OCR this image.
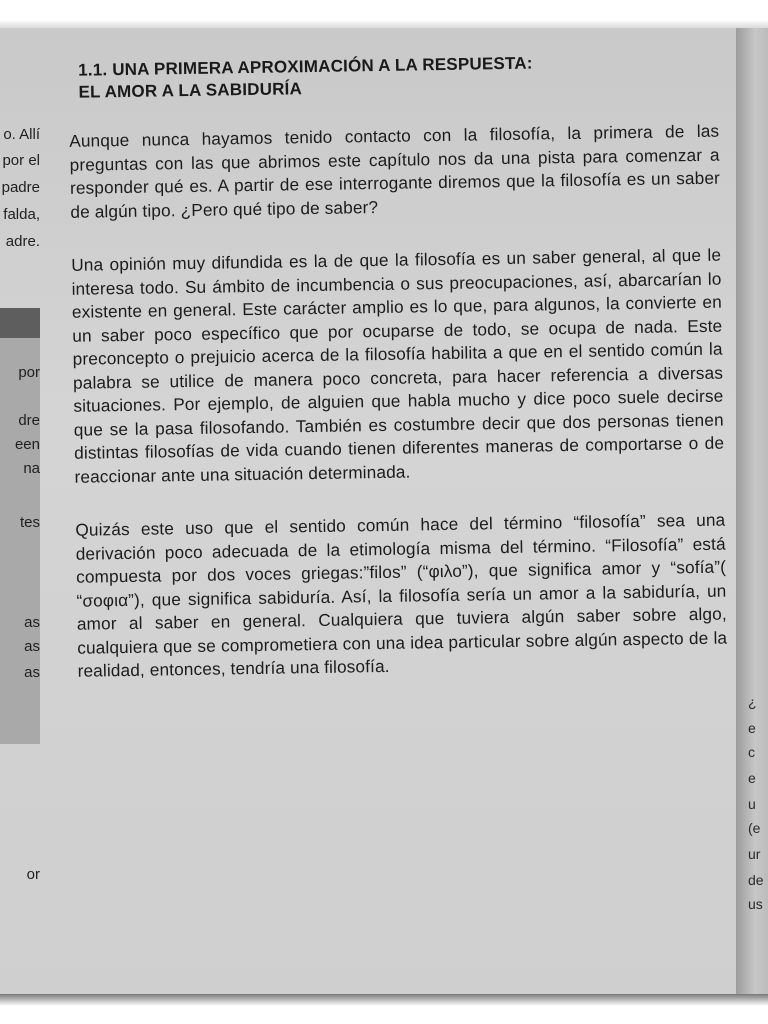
o. Allí
por el
padre
falda,
adre.
por
dre
een
na
tes
as
as
as
or
¿
e
c
e
u
(e
ur
de
us
1.1. UNA PRIMERA APROXIMACIÓN A LA RESPUESTA:
EL AMOR A LA SABIDURÍA

Aunque nunca hayamos tenido contacto con la filosofía, la primera de las preguntas con las que abrimos este capítulo nos da una pista para comenzar a responder qué es. A partir de ese interrogante diremos que la filosofía es un saber de algún tipo. ¿Pero qué tipo de saber?

Una opinión muy difundida es la de que la filosofía es un saber general, al que le interesa todo. Su ámbito de incumbencia o sus preocupaciones, así, abarcarían lo existente en general. Este carácter amplio es lo que, para algunos, la convierte en un saber poco específico que por ocuparse de todo, se ocupa de nada. Este preconcepto o prejuicio acerca de la filosofía habilita a que en el sentido común la palabra se utilice de manera poco concreta, para hacer referencia a diversas situaciones. Por ejemplo, de alguien que habla mucho y dice poco suele decirse que se la pasa filosofando. También es costumbre decir que dos personas tienen distintas filosofías de vida cuando tienen diferentes maneras de comportarse o de reaccionar ante una situación determinada.

Quizás este uso que el sentido común hace del término “filosofía” sea una derivación poco adecuada de la etimología misma del término. “Filosofía” está compuesta por dos voces griegas:”filos” (“φιλο”), que significa amor y “sofía”( “σοφια”), que significa sabiduría. Así, la filosofía sería un amor a la sabiduría, un amor al saber en general. Cualquiera que tuviera algún saber sobre algo, cualquiera que se comprometiera con una idea particular sobre algún aspecto de la realidad, entonces, tendría una filosofía.
